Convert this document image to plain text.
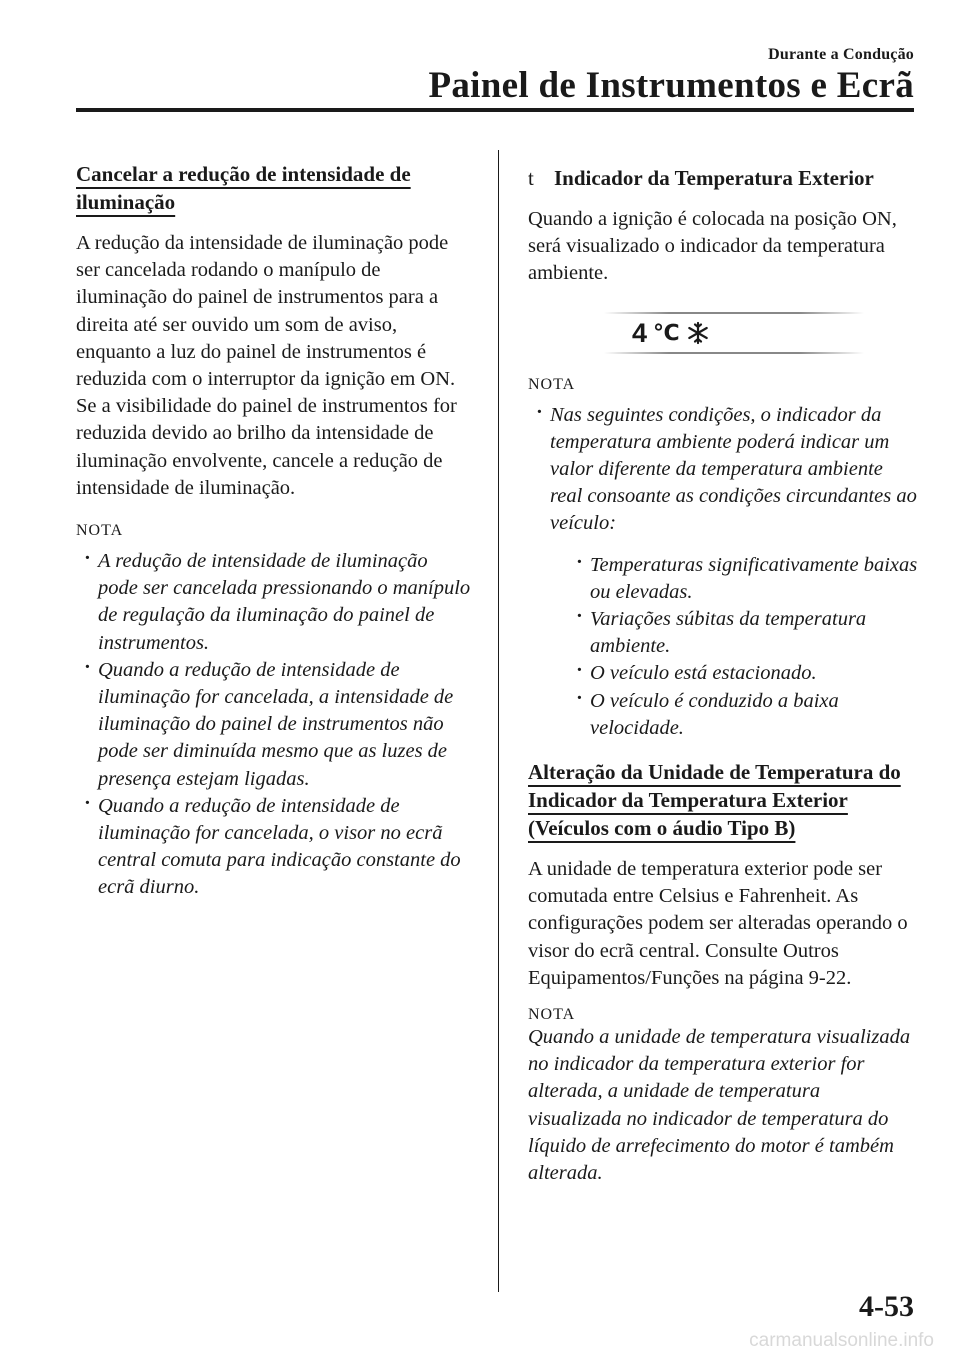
Durante a Condução
Painel de Instrumentos e Ecrã
Cancelar a redução de intensidade de iluminação

A redução da intensidade de iluminação pode ser cancelada rodando o manípulo de iluminação do painel de instrumentos para a direita até ser ouvido um som de aviso, enquanto a luz do painel de instrumentos é reduzida com o interruptor da ignição em ON. Se a visibilidade do painel de instrumentos for reduzida devido ao brilho da intensidade de iluminação envolvente, cancele a redução de intensidade de iluminação.

NOTA
· A redução de intensidade de iluminação pode ser cancelada pressionando o manípulo de regulação da iluminação do painel de instrumentos.
· Quando a redução de intensidade de iluminação for cancelada, a intensidade de iluminação do painel de instrumentos não pode ser diminuída mesmo que as luzes de presença estejam ligadas.
· Quando a redução de intensidade de iluminação for cancelada, o visor no ecrã central comuta para indicação constante do ecrã diurno.
t Indicador da Temperatura Exterior

Quando a ignição é colocada na posição ON, será visualizado o indicador da temperatura ambiente.

4 ℃
NOTA
· Nas seguintes condições, o indicador da temperatura ambiente poderá indicar um valor diferente da temperatura ambiente real consoante as condições circundantes ao veículo:
· Temperaturas significativamente baixas ou elevadas.
· Variações súbitas da temperatura ambiente.
· O veículo está estacionado.
· O veículo é conduzido a baixa velocidade.
Alteração da Unidade de Temperatura do Indicador da Temperatura Exterior (Veículos com o áudio Tipo B)

A unidade de temperatura exterior pode ser comutada entre Celsius e Fahrenheit. As configurações podem ser alteradas operando o visor do ecrã central. Consulte Outros Equipamentos/Funções na página 9-22.

NOTA

Quando a unidade de temperatura visualizada no indicador da temperatura exterior for alterada, a unidade de temperatura visualizada no indicador de temperatura do líquido de arrefecimento do motor é também alterada.

4-53
carmanualsonline.info
